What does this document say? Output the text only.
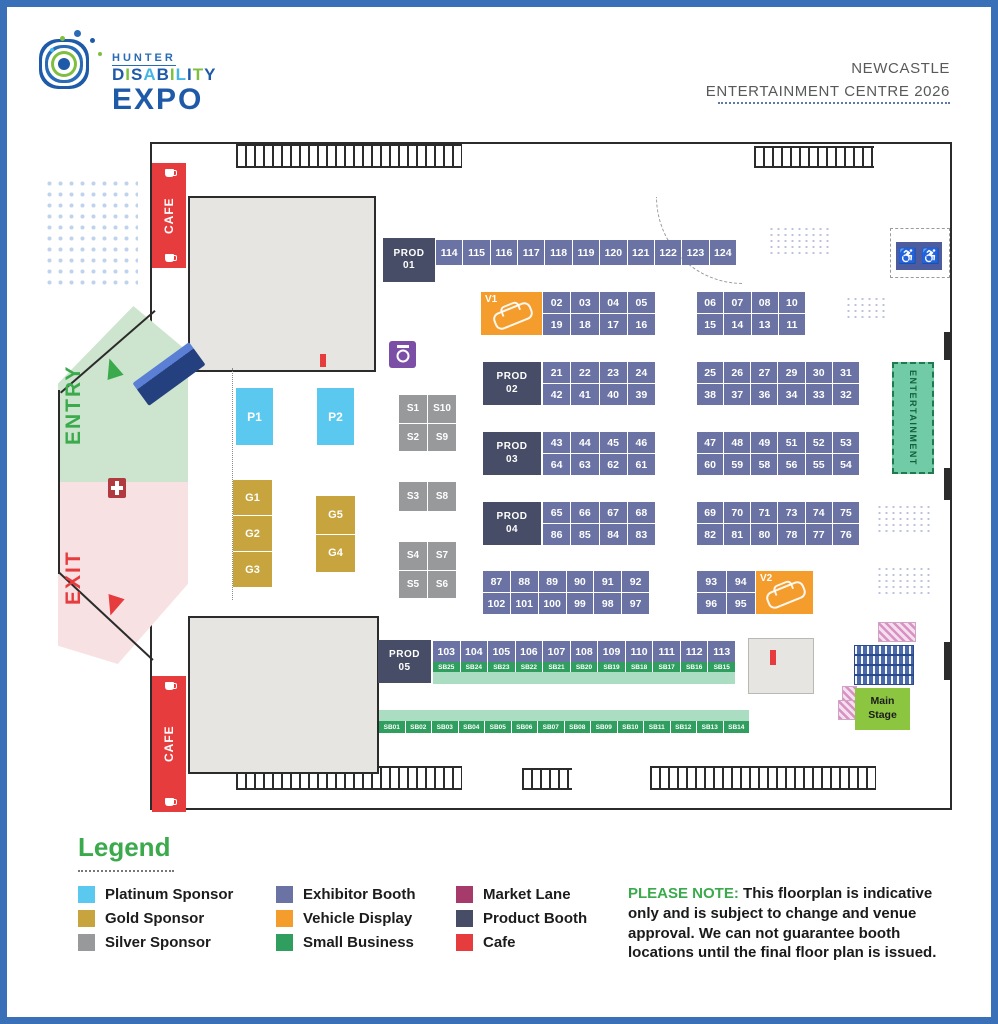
HUNTER
DISABILITY
EXPO
NEWCASTLE
ENTERTAINMENT CENTRE 2026
ENTRY
EXIT
CAFE
CAFE
PROD
01
114 115 116 117 118 119 120 121 122 123 124
V1	02	03	04	05
19	18	17	16
06	07	08	10
15	14	13	11
PROD
02
21	22	23	24
42	41	40	39
25	26	27	29	30	31
38	37	36	34	33	32
PROD
03
43	44	45	46
64	63	62	61
47	48	49	51	52	53
60	59	58	56	55	54
PROD
04
65	66	67	68
86	85	84	83
69	70	71	73	74	75
82	81	80	78	77	76
87	88	89	90	91	92
102 101 100	99	98	97
93	94
96	95
V2
PROD
05
103 104 105 106 107 108 109 110	111	112	113
SB25	SB24	SB23	SB22	SB21	SB20	SB19	SB18	SB17	SB16	SB15
SB01	SB02	SB03	SB04	SB05	SB06	SB07	SB08	SB09	SB10	SB11	SB12	SB13	SB14
P1	P2
G1
G2
G3
G5
G4
S1	S10
S2	S9
S3	S8
S4	S7
S5	S6
♿ ♿
ENTERTAINMENT
Main
Stage
Legend
Platinum Sponsor
Gold Sponsor
Silver Sponsor
Exhibitor Booth
Vehicle Display
Small Business
Market Lane
Product Booth
Cafe
PLEASE NOTE: This floorplan is indicative only and is subject to change and venue approval. We can not guarantee booth locations until the final floor plan is issued.
